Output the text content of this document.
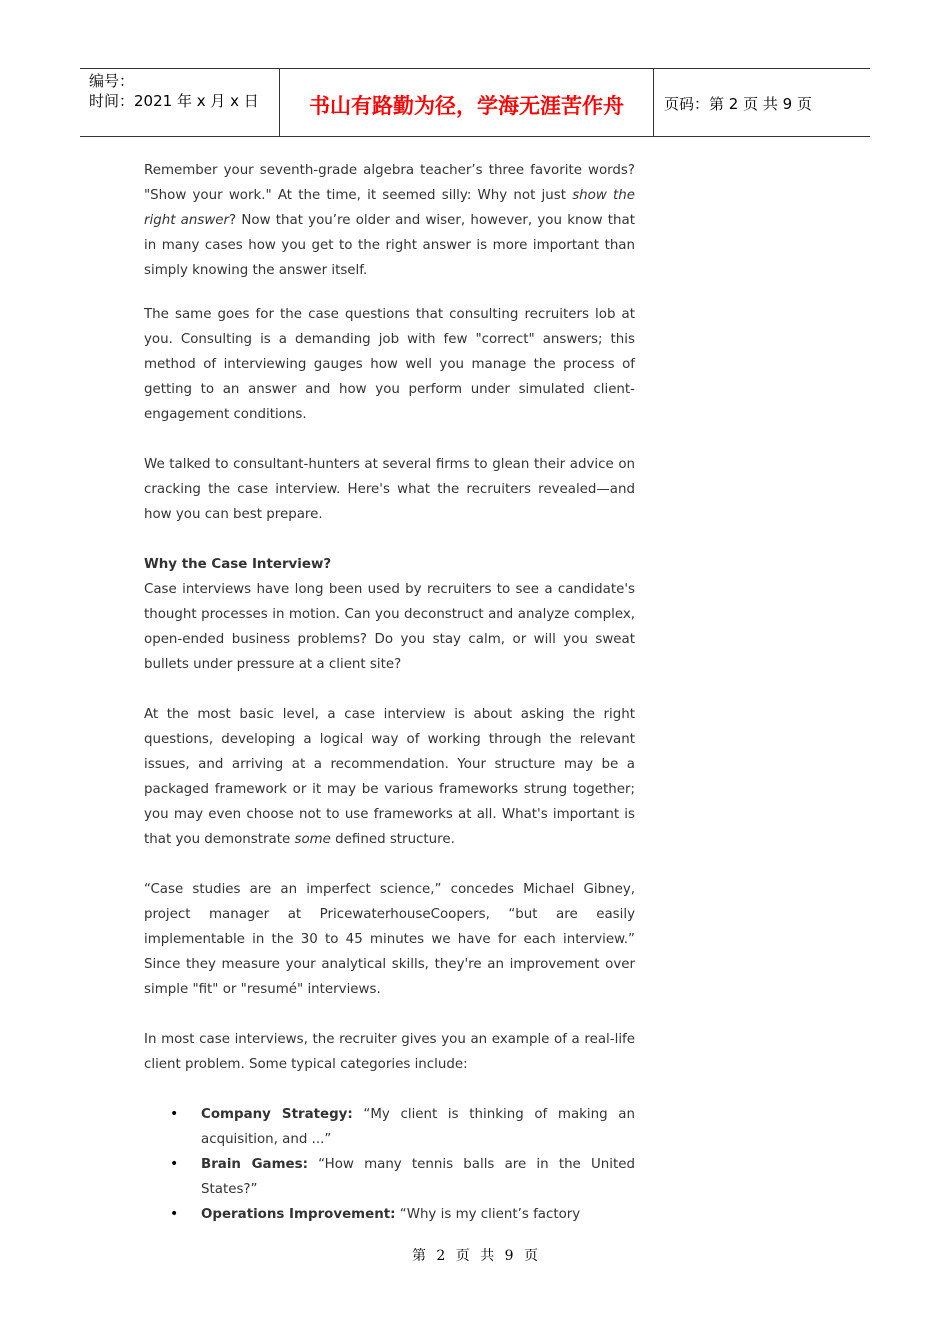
编号：
时间：2021 年 x 月 x 日	书山有路勤为径，学海无涯苦作舟	页码：第 2 页 共 9 页

Remember your seventh-grade algebra teacher’s three favorite words? "Show your work." At the time, it seemed silly: Why not just show the right answer? Now that you’re older and wiser, however, you know that in many cases how you get to the right answer is more important than simply knowing the answer itself.

The same goes for the case questions that consulting recruiters lob at you. Consulting is a demanding job with few "correct" answers; this method of interviewing gauges how well you manage the process of getting to an answer and how you perform under simulated client-engagement conditions.

We talked to consultant-hunters at several firms to glean their advice on cracking the case interview. Here's what the recruiters revealed—and how you can best prepare.

Why the Case Interview?

Case interviews have long been used by recruiters to see a candidate's thought processes in motion. Can you deconstruct and analyze complex, open-ended business problems? Do you stay calm, or will you sweat bullets under pressure at a client site?

At the most basic level, a case interview is about asking the right questions, developing a logical way of working through the relevant issues, and arriving at a recommendation. Your structure may be a packaged framework or it may be various frameworks strung together; you may even choose not to use frameworks at all. What's important is that you demonstrate some defined structure.

“Case studies are an imperfect science,” concedes Michael Gibney, project manager at PricewaterhouseCoopers, “but are easily implementable in the 30 to 45 minutes we have for each interview.” Since they measure your analytical skills, they're an improvement over simple "fit" or "resumé" interviews.

In most case interviews, the recruiter gives you an example of a real-life client problem. Some typical categories include:

• Company Strategy: “My client is thinking of making an acquisition, and ...”
• Brain Games: “How many tennis balls are in the United States?”
• Operations Improvement: “Why is my client’s factory
第 2 页 共 9 页
